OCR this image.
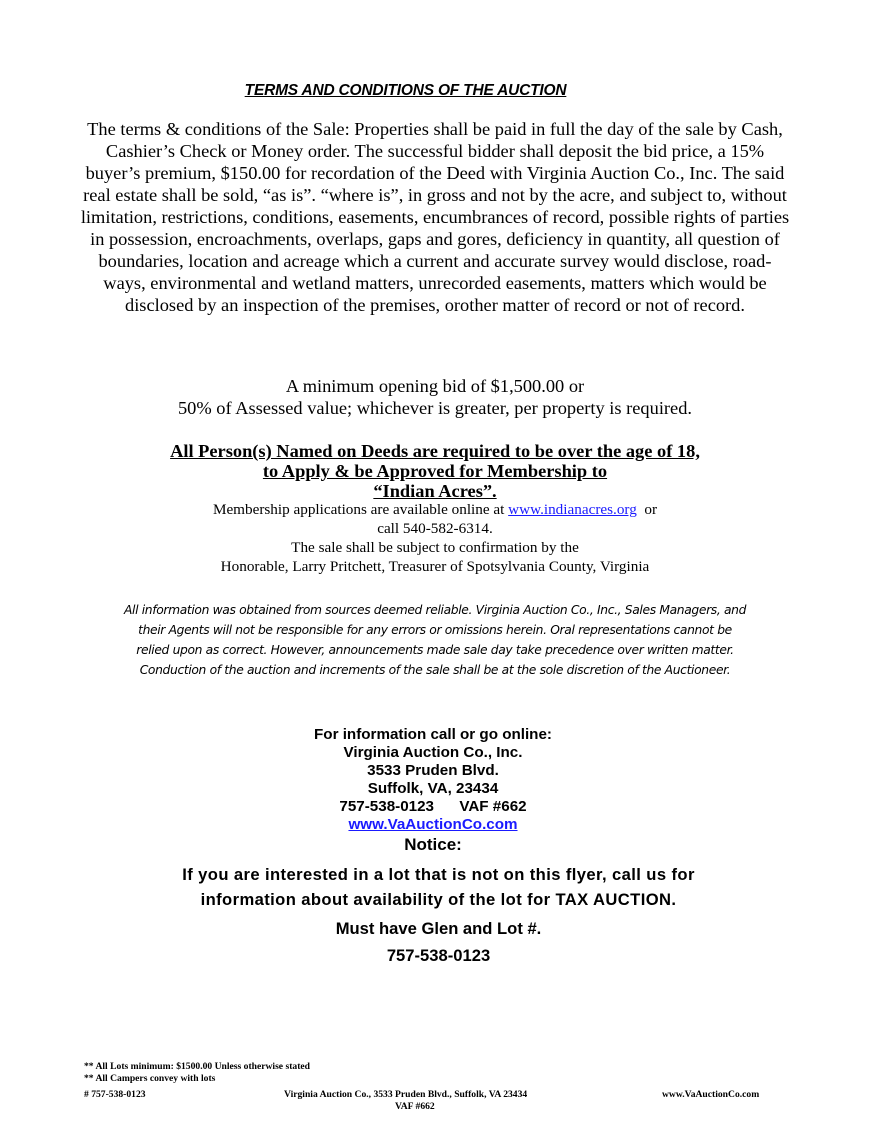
TERMS AND CONDITIONS OF THE AUCTION
The terms & conditions of the Sale: Properties shall be paid in full the day of the sale by Cash, Cashier’s Check or Money order. The successful bidder shall deposit the bid price, a 15% buyer’s premium, $150.00 for recordation of the Deed with Virginia Auction Co., Inc. The said real estate shall be sold, “as is”. “where is”, in gross and not by the acre, and subject to, without limitation, restrictions, conditions, easements, encumbrances of record, possible rights of parties in possession, encroachments, overlaps, gaps and gores, deficiency in quantity, all question of boundaries, location and acreage which a current and accurate survey would disclose, road- ways, environmental and wetland matters, unrecorded easements, matters which would be disclosed by an inspection of the premises, orother matter of record or not of record.
A minimum opening bid of $1,500.00 or
50% of Assessed value; whichever is greater, per property is required.
All Person(s) Named on Deeds are required to be over the age of 18,
to Apply & be Approved for Membership to
“Indian Acres”.
Membership applications are available online at www.indianacres.org  or
call 540-582-6314.
The sale shall be subject to confirmation by the
Honorable, Larry Pritchett, Treasurer of Spotsylvania County, Virginia
All information was obtained from sources deemed reliable. Virginia Auction Co., Inc., Sales Managers, and their Agents will not be responsible for any errors or omissions herein. Oral representations cannot be relied upon as correct. However, announcements made sale day take precedence over written matter. Conduction of the auction and increments of the sale shall be at the sole discretion of the Auctioneer.
For information call or go online:
Virginia Auction Co., Inc.
3533 Pruden Blvd.
Suffolk, VA, 23434
757-538-0123 VAF #662
www.VaAuctionCo.com
Notice:
If you are interested in a lot that is not on this flyer, call us for
information about availability of the lot for TAX AUCTION.
Must have Glen and Lot #.
757-538-0123
** All Lots minimum: $1500.00 Unless otherwise stated
** All Campers convey with lots
# 757-538-0123	Virginia Auction Co., 3533 Pruden Blvd., Suffolk, VA 23434
VAF #662
www.VaAuctionCo.com
